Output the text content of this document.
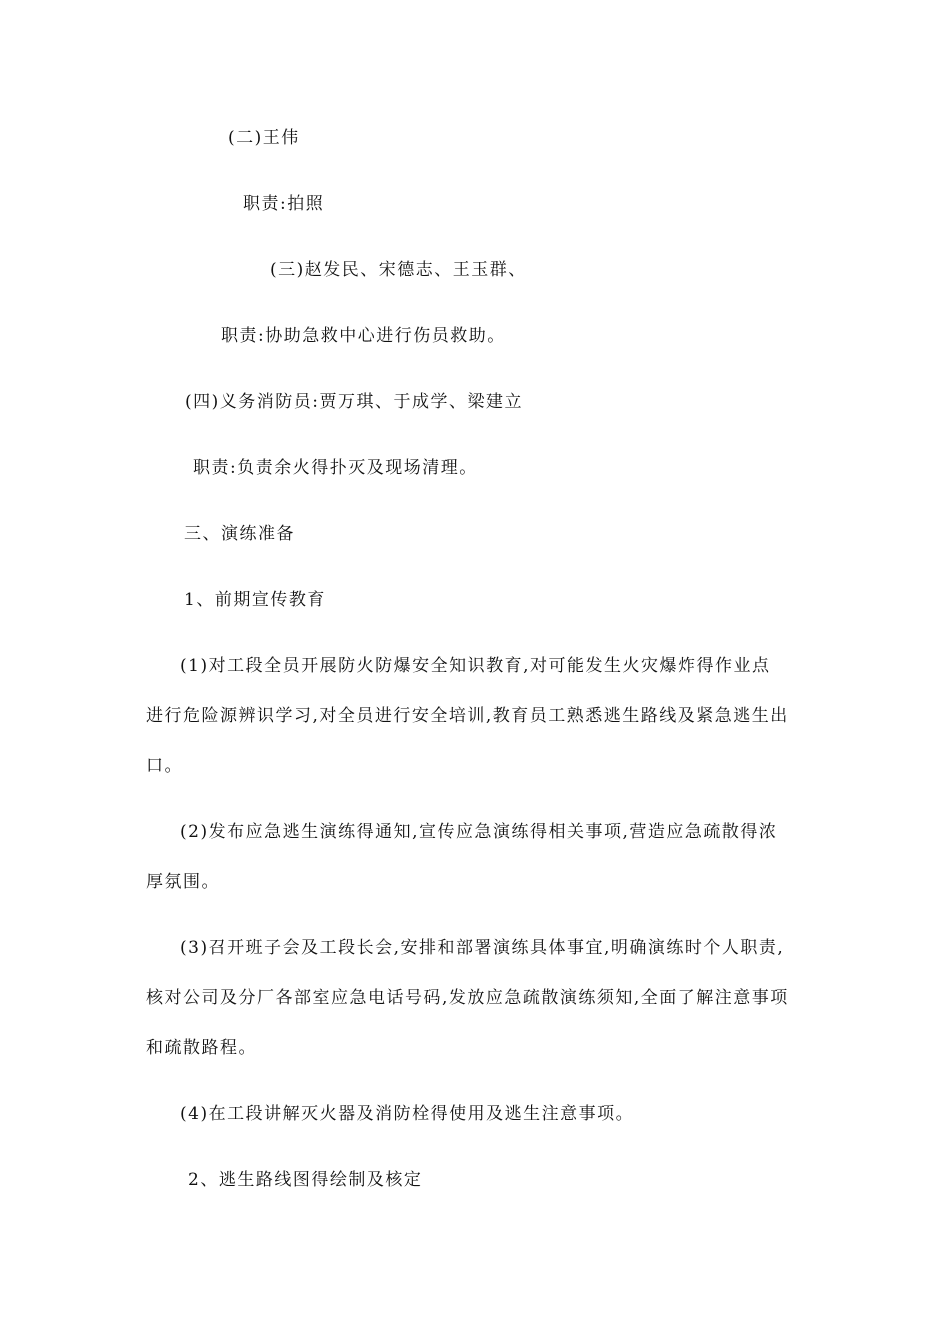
(二)王伟
职责:拍照
(三)赵发民、宋德志、王玉群、
职责:协助急救中心进行伤员救助。
(四)义务消防员:贾万琪、于成学、梁建立
职责:负责余火得扑灭及现场清理。
三、演练准备
1、前期宣传教育
(1)对工段全员开展防火防爆安全知识教育,对可能发生火灾爆炸得作业点
进行危险源辨识学习,对全员进行安全培训,教育员工熟悉逃生路线及紧急逃生出
口。
(2)发布应急逃生演练得通知,宣传应急演练得相关事项,营造应急疏散得浓
厚氛围。
(3)召开班子会及工段长会,安排和部署演练具体事宜,明确演练时个人职责,
核对公司及分厂各部室应急电话号码,发放应急疏散演练须知,全面了解注意事项
和疏散路程。
(4)在工段讲解灭火器及消防栓得使用及逃生注意事项。
2、逃生路线图得绘制及核定
